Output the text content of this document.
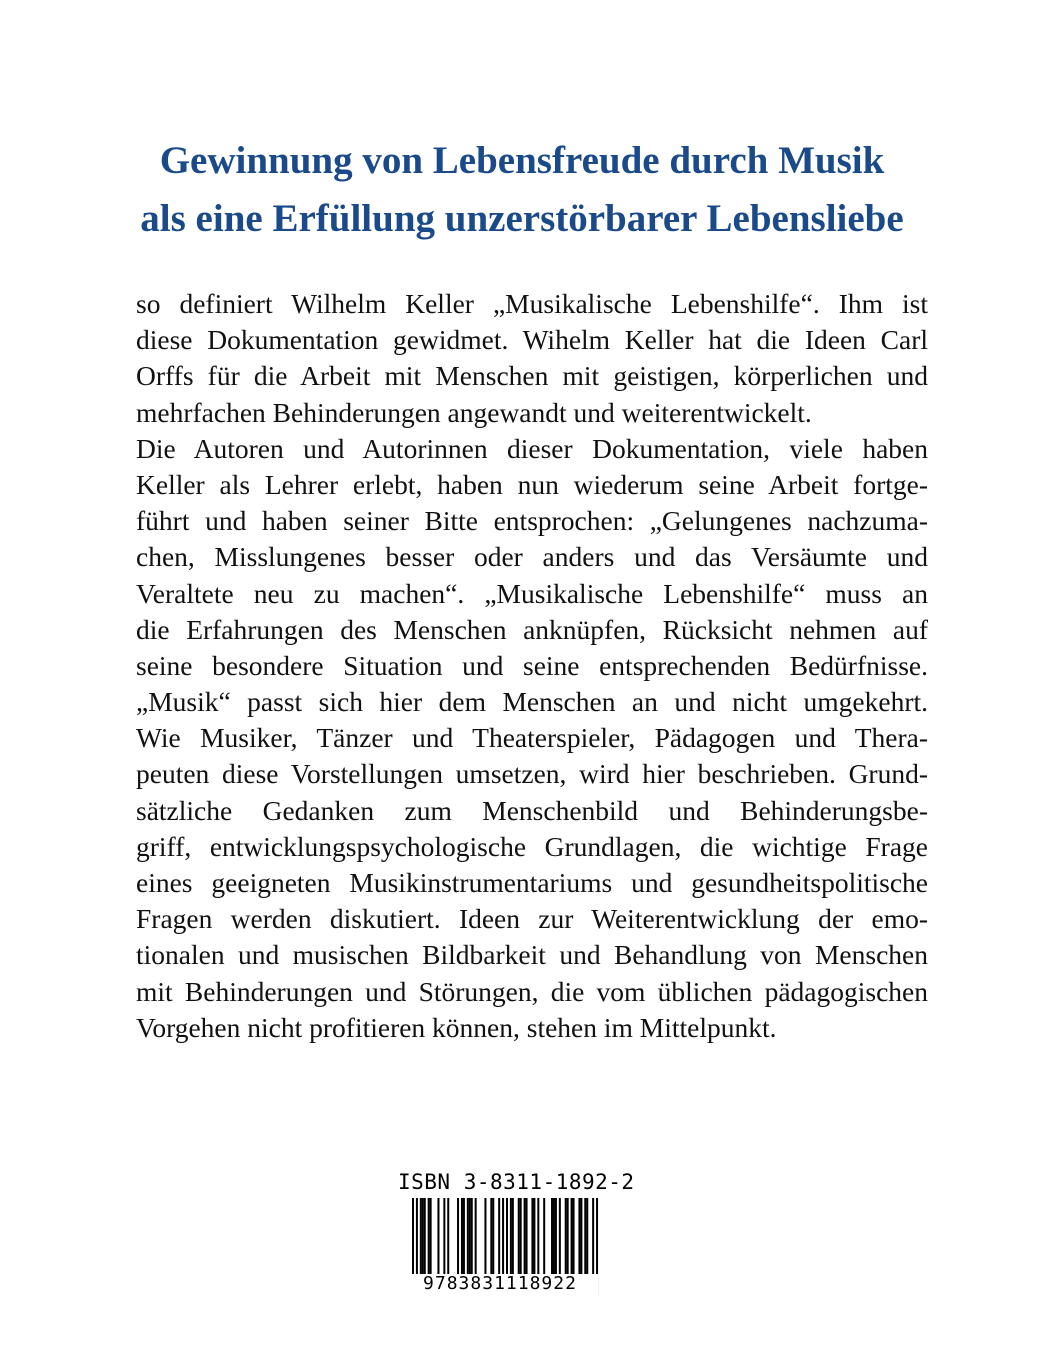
Gewinnung von Lebensfreude durch Musik
als eine Erfüllung unzerstörbarer Lebensliebe
so definiert Wilhelm Keller „Musikalische Lebenshilfe“. Ihm ist
diese Dokumentation gewidmet. Wihelm Keller hat die Ideen Carl
Orffs für die Arbeit mit Menschen mit geistigen, körperlichen und
mehrfachen Behinderungen angewandt und weiterentwickelt.
Die Autoren und Autorinnen dieser Dokumentation, viele haben
Keller als Lehrer erlebt, haben nun wiederum seine Arbeit fortge-
führt und haben seiner Bitte entsprochen: „Gelungenes nachzuma-
chen, Misslungenes besser oder anders und das Versäumte und
Veraltete neu zu machen“. „Musikalische Lebenshilfe“ muss an
die Erfahrungen des Menschen anknüpfen, Rücksicht nehmen auf
seine besondere Situation und seine entsprechenden Bedürfnisse.
„Musik“ passt sich hier dem Menschen an und nicht umgekehrt.
Wie Musiker, Tänzer und Theaterspieler, Pädagogen und Thera-
peuten diese Vorstellungen umsetzen, wird hier beschrieben. Grund-
sätzliche Gedanken zum Menschenbild und Behinderungsbe-
griff, entwicklungspsychologische Grundlagen, die wichtige Frage
eines geeigneten Musikinstrumentariums und gesundheitspolitische
Fragen werden diskutiert. Ideen zur Weiterentwicklung der emo-
tionalen und musischen Bildbarkeit und Behandlung von Menschen
mit Behinderungen und Störungen, die vom üblichen pädagogischen
Vorgehen nicht profitieren können, stehen im Mittelpunkt.
ISBN 3-8311-1892-2
9783831118922
